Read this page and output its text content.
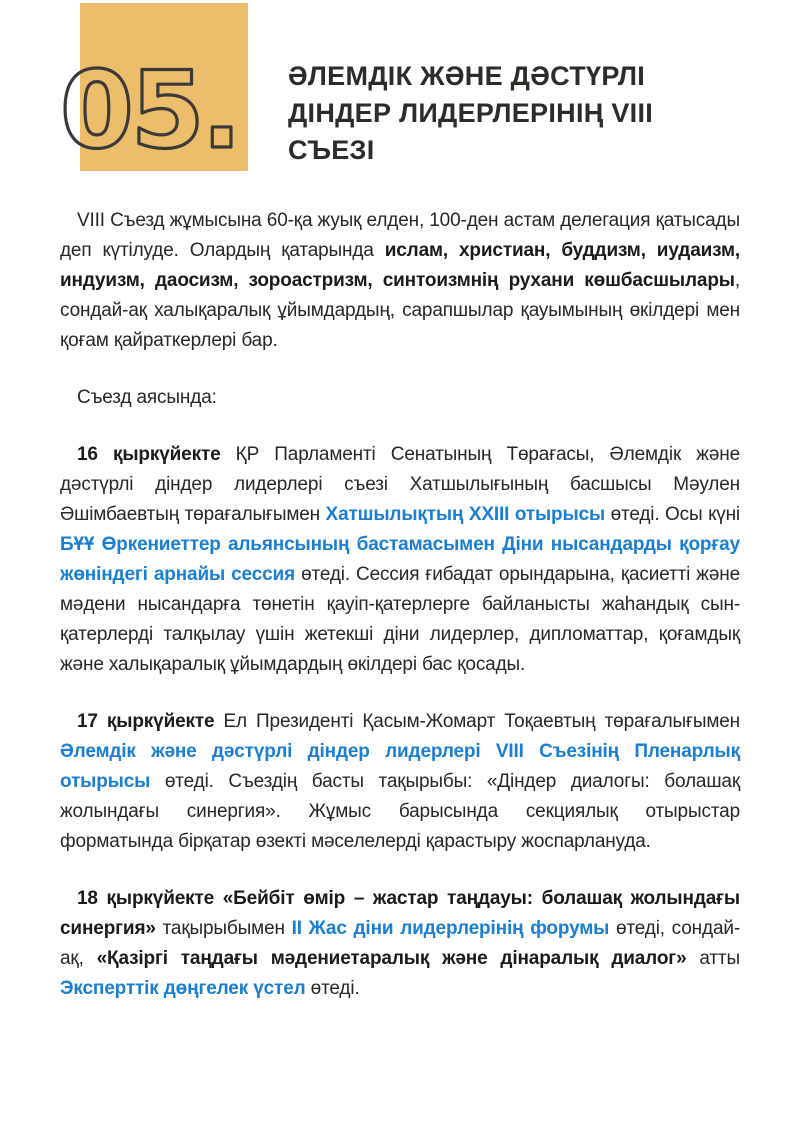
05. ӘЛЕМДІК ЖӘНЕ ДӘСТҮРЛІ
ДІНДЕР ЛИДЕРЛЕРІНІҢ VIII
СЪЕЗІ

VIII Съезд жұмысына 60-қа жуық елден, 100-ден астам делегация қатысады деп күтілуде. Олардың қатарында ислам, христиан, буддизм, иудаизм, индуизм, даосизм, зороастризм, синтоизмнің рухани көшбасшылары, сондай-ақ халықаралық ұйымдардың, сарапшылар қауымының өкілдері мен қоғам қайраткерлері бар.

Съезд аясында:

16 қыркүйекте ҚР Парламенті Сенатының Төрағасы, Әлемдік және дәстүрлі діндер лидерлері съезі Хатшылығының басшысы Мәулен Әшімбаевтың төрағалығымен Хатшылықтың XXIII отырысы өтеді. Осы күні БҰҰ Өркениеттер альянсының бастамасымен Діни нысандарды қорғау жөніндегі арнайы сессия өтеді. Сессия ғибадат орындарына, қасиетті және мәдени нысандарға төнетін қауіп-қатерлерге байланысты жаһандық сын-қатерлерді талқылау үшін жетекші діни лидерлер, дипломаттар, қоғамдық және халықаралық ұйымдардың өкілдері бас қосады.

17 қыркүйекте Ел Президенті Қасым-Жомарт Тоқаевтың төрағалығымен Әлемдік және дәстүрлі діндер лидерлері VIII Съезінің Пленарлық отырысы өтеді. Съездің басты тақырыбы: «Діндер диалогы: болашақ жолындағы синергия». Жұмыс барысында секциялық отырыстар форматында бірқатар өзекті мәселелерді қарастыру жоспарлануда.

18 қыркүйекте «Бейбіт өмір – жастар таңдауы: болашақ жолындағы синергия» тақырыбымен II Жас діни лидерлерінің форумы өтеді, сондай-ақ, «Қазіргі таңдағы мәдениетаралық және дінаралық диалог» атты Эксперттік дөңгелек үстел өтеді.
